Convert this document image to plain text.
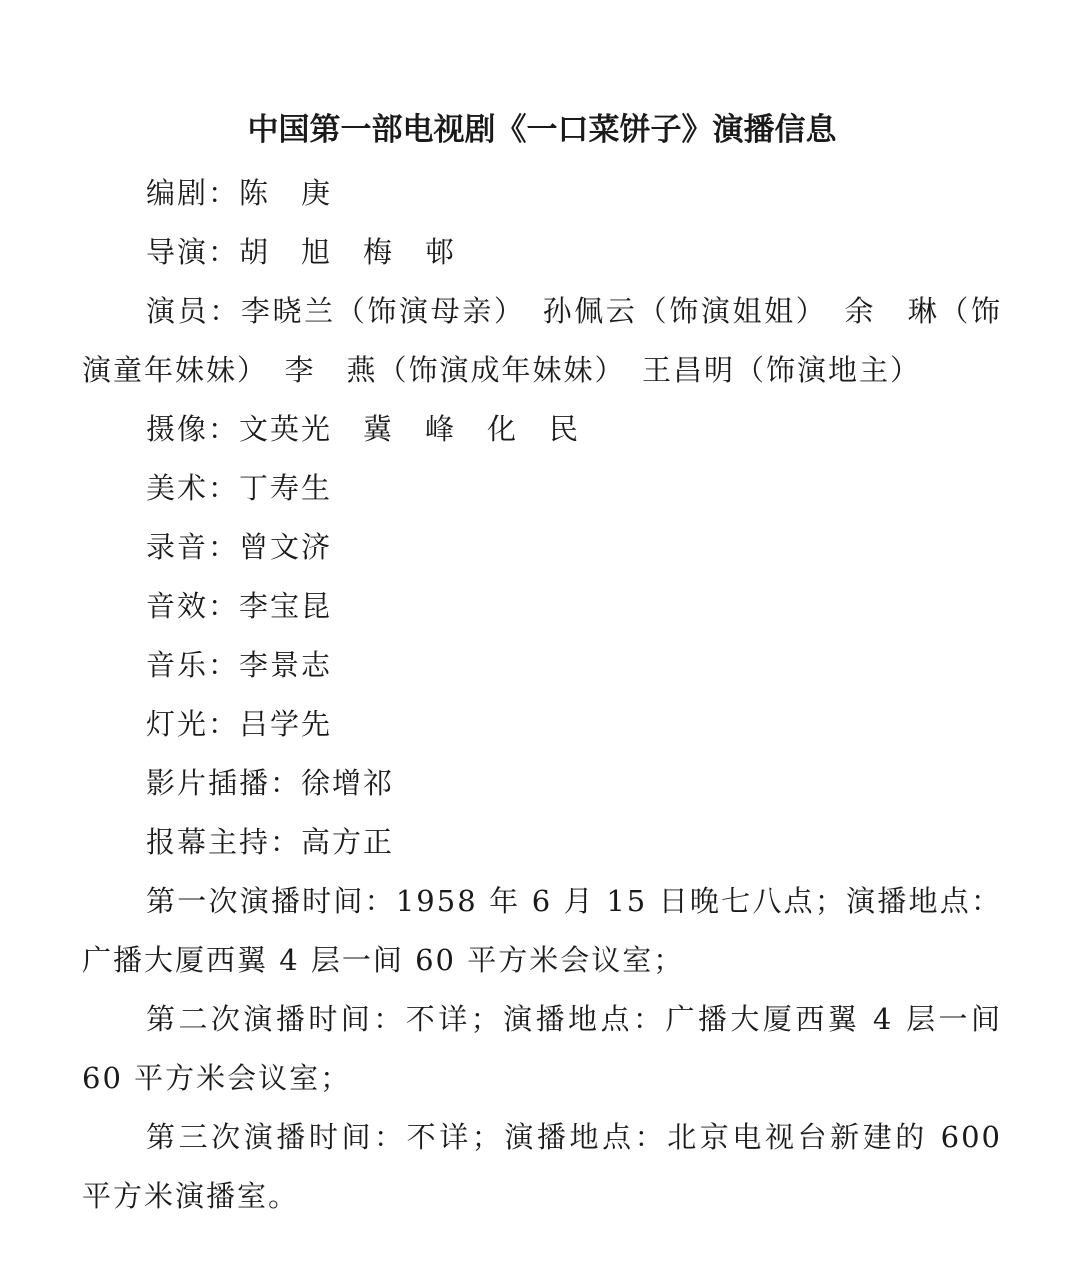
中国第一部电视剧《一口菜饼子》演播信息

编剧：陈　庚

导演：胡　旭　梅　邨

演员：李晓兰（饰演母亲）　孙佩云（饰演姐姐）　余　琳（饰演童年妹妹）　李　燕（饰演成年妹妹）　王昌明（饰演地主）

摄像：文英光　冀　峰　化　民

美术：丁寿生

录音：曾文济

音效：李宝昆

音乐：李景志

灯光：吕学先

影片插播：徐增祁

报幕主持：高方正

第一次演播时间：1958 年 6 月 15 日晚七八点；演播地点：广播大厦西翼 4 层一间 60 平方米会议室；

第二次演播时间：不详；演播地点：广播大厦西翼 4 层一间 60 平方米会议室；

第三次演播时间：不详；演播地点：北京电视台新建的 600 平方米演播室。
